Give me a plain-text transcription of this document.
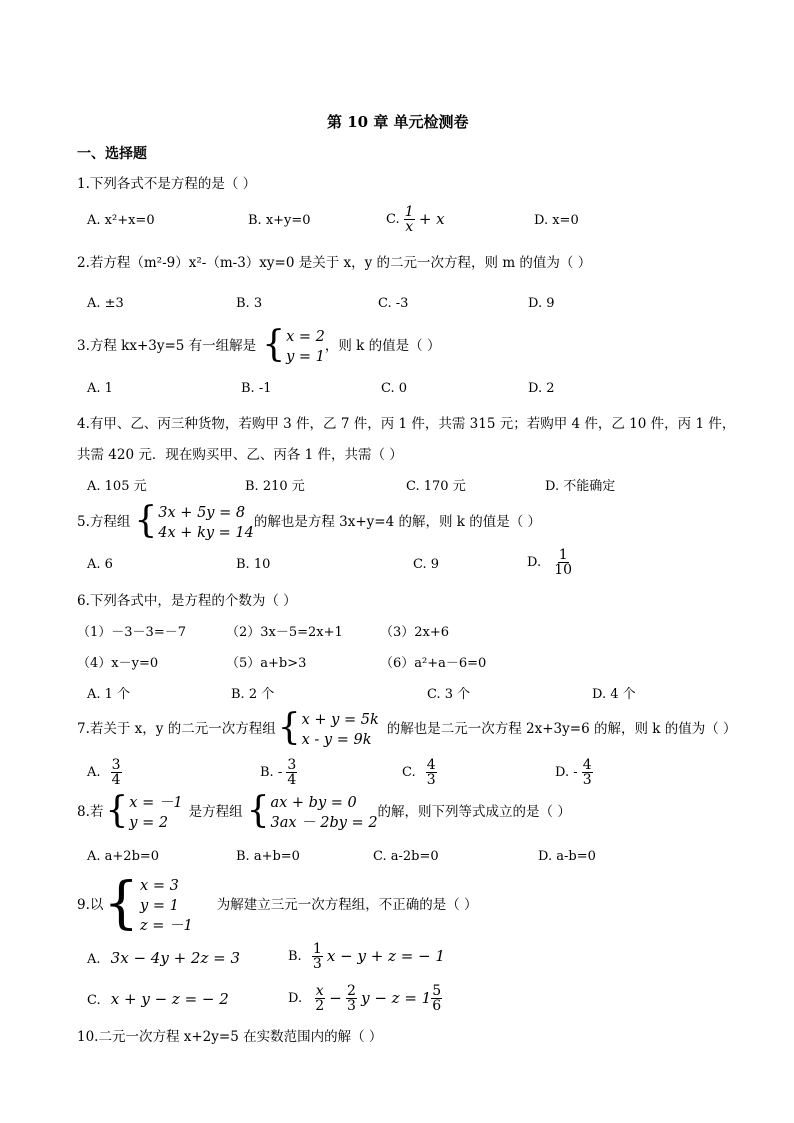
第 10 章 单元检测卷
一、选择题
1.下列各式不是方程的是（ ）
A. x²+x=0	B. x+y=0	C. $\frac{1}{x} + x$	D. x=0
2.若方程（m²-9）x²-（m-3）xy=0 是关于 x，y 的二元一次方程，则 m 的值为（ ）
A. ±3	B. 3	C. -3	D. 9
3.方程 kx+3y=5 有一组解是 { x = 2
y = 1
，则 k 的值是（ ）
A. 1	B. -1	C. 0	D. 2
4.有甲、乙、丙三种货物，若购甲 3 件，乙 7 件，丙 1 件，共需 315 元；若购甲 4 件，乙 10 件，丙 1 件，
共需 420 元．现在购买甲、乙、丙各 1 件，共需（ ）
A. 105 元	B. 210 元	C. 170 元	D. 不能确定
5.方程组 { 3x + 5y = 8
4x + ky = 14
的解也是方程 3x+y=4 的解，则 k 的值是（ ）
A. 6	B. 10	C. 9	D. $\frac{1}{10}$
6.下列各式中，是方程的个数为（ ）
（1）－3－3=－7	（2）3x－5=2x+1	（3）2x+6
（4）x－y=0	（5）a+b>3	（6）a²+a－6=0
A. 1 个	B. 2 个	C. 3 个	D. 4 个
7.若关于 x，y 的二元一次方程组 { x + y = 5k
x - y = 9k
的解也是二元一次方程 2x+3y=6 的解，则 k 的值为（ ）
A. $\frac{3}{4}$	B. - $\frac{3}{4}$	C. $\frac{4}{3}$	D. - $\frac{4}{3}$
8.若 { x = －1
y = 2
是方程组 { ax + by = 0
3ax － 2by = 2
的解，则下列等式成立的是（ ）
A. a+2b=0	B. a+b=0	C. a-2b=0	D. a-b=0
9.以 { x = 3
y = 1
z = －1
为解建立三元一次方程组，不正确的是（ ）
A. 3x − 4y + 2z = 3	B. $\frac{1}{3}$ x − y + z = − 1
C. x + y − z = − 2	D. $\frac{x}{2} - \frac{2}{3}$ $y - z = 1 \frac{5}{6}$
10.二元一次方程 x+2y=5 在实数范围内的解（ ）
